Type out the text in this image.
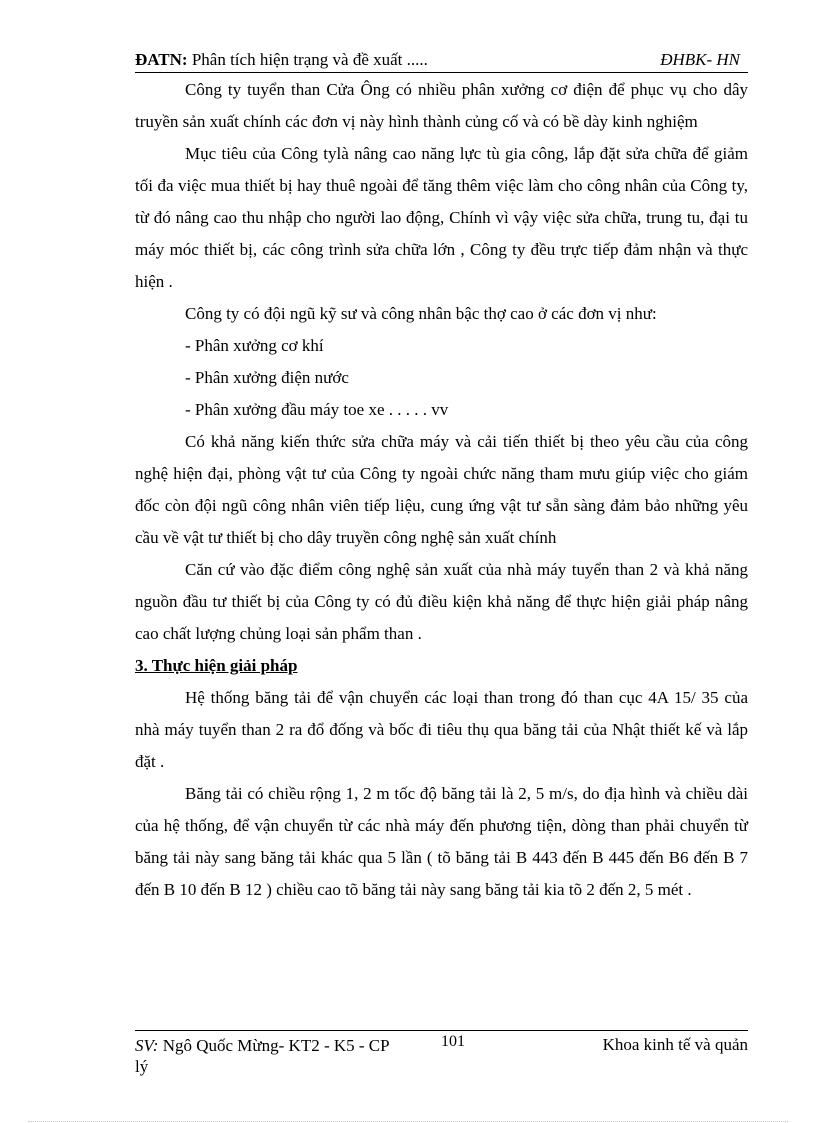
ĐATN: Phân tích hiện trạng và đề xuất .....	ĐHBK- HN

Công ty tuyển than Cửa Ông có nhiều phân xưởng cơ điện để phục vụ cho dây truyền sản xuất chính các đơn vị này hình thành củng cố và có bề dày kinh nghiệm

Mục tiêu của Công tylà nâng cao năng lực tù gia công, lắp đặt sửa chữa để giảm tối đa việc mua thiết bị hay thuê ngoài để tăng thêm việc làm cho công nhân của Công ty, từ đó nâng cao thu nhập cho người lao động, Chính vì vậy việc sửa chữa, trung tu, đại tu máy móc thiết bị, các công trình sửa chữa lớn , Công ty đều trực tiếp đảm nhận và thực hiện .

Công ty có đội ngũ kỹ sư và công nhân bậc thợ cao ở các đơn vị như:

- Phân xưởng cơ khí

- Phân xưởng điện nước

- Phân xưởng đầu máy toe xe . . . . . vv

Có khả năng kiến thức sửa chữa máy và cải tiến thiết bị theo yêu cầu của công nghệ hiện đại, phòng vật tư của Công ty ngoài chức năng tham mưu giúp việc cho giám đốc còn đội ngũ công nhân viên tiếp liệu, cung ứng vật tư sẵn sàng đảm bảo những yêu cầu về vật tư thiết bị cho dây truyền công nghệ sản xuất chính

Căn cứ vào đặc điểm công nghệ sản xuất của nhà máy tuyển than 2 và khả năng nguồn đầu tư thiết bị của Công ty có đủ điều kiện khả năng để thực hiện giải pháp nâng cao chất lượng chủng loại sản phẩm than .

3. Thực hiện giải pháp

Hệ thống băng tải để vận chuyển các loại than trong đó than cục 4A 15/ 35 của nhà máy tuyển than 2 ra đổ đống và bốc đi tiêu thụ qua băng tải của Nhật thiết kế và lắp đặt .

Băng tải có chiều rộng 1, 2 m tốc độ băng tải là 2, 5 m/s, do địa hình và chiều dài của hệ thống, để vận chuyển từ các nhà máy đến phương tiện, dòng than phải chuyển từ băng tải này sang băng tải khác qua 5 lần ( tõ băng tải B 443 đến B 445 đến B6 đến B 7 đến B 10 đến B 12 ) chiều cao tõ băng tải này sang băng tải kia tõ 2 đến 2, 5 mét .

SV: Ngô Quốc Mừng- KT2 - K5 - CP
lý
101	Khoa kinh tế và quản
